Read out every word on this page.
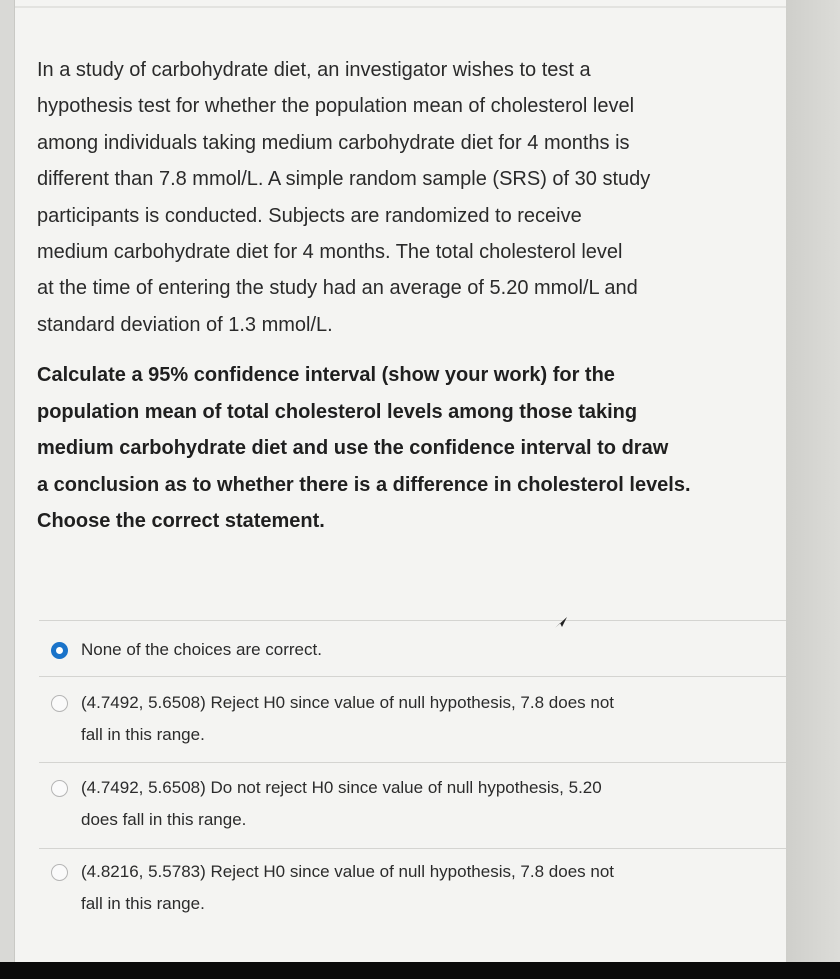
In a study of carbohydrate diet, an investigator wishes to test a
hypothesis test for whether the population mean of cholesterol level
among individuals taking medium carbohydrate diet for 4 months is
different than 7.8 mmol/L. A simple random sample (SRS) of 30 study
participants is conducted. Subjects are randomized to receive
medium carbohydrate diet for 4 months. The total cholesterol level
at the time of entering the study had an average of 5.20 mmol/L and
standard deviation of 1.3 mmol/L.
Calculate a 95% confidence interval (show your work) for the
population mean of total cholesterol levels among those taking
medium carbohydrate diet and use the confidence interval to draw
a conclusion as to whether there is a difference in cholesterol levels.
Choose the correct statement.
None of the choices are correct.
(4.7492, 5.6508) Reject H0 since value of null hypothesis, 7.8 does not
fall in this range.
(4.7492, 5.6508) Do not reject H0 since value of null hypothesis, 5.20
does fall in this range.
(4.8216, 5.5783) Reject H0 since value of null hypothesis, 7.8 does not
fall in this range.
